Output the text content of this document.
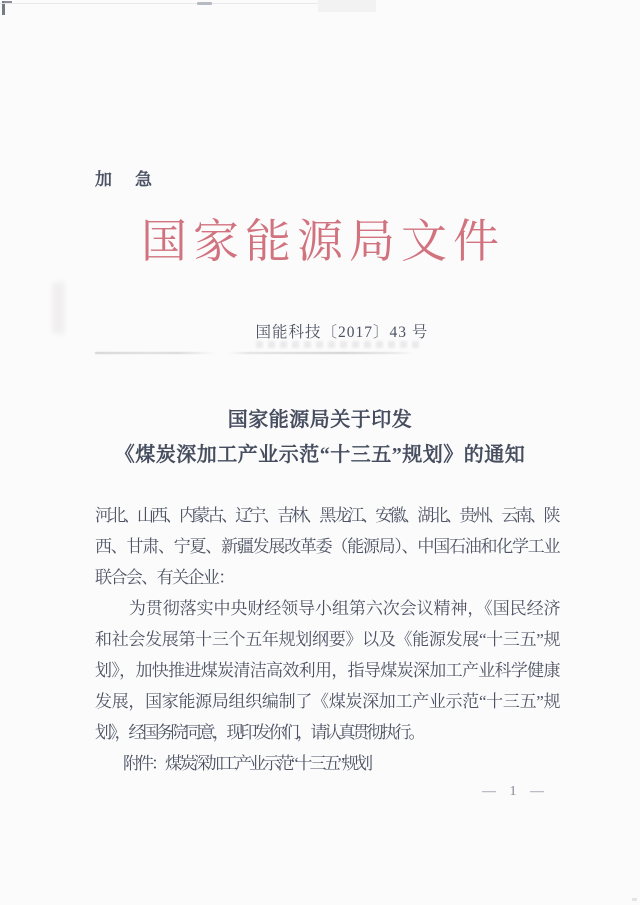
加　急
国家能源局文件
国能科技〔2017〕43 号
国家能源局关于印发
《煤炭深加工产业示范“十三五”规划》的通知
河北、山西、内蒙古、辽宁、吉林、黑龙江、安徽、湖北、贵州、云南、陕
西、甘肃、宁夏、新疆发展改革委（能源局）、中国石油和化学工业
联合会、有关企业：
　　为贯彻落实中央财经领导小组第六次会议精神，《国民经济
和社会发展第十三个五年规划纲要》以及《能源发展“十三五”规
划》，加快推进煤炭清洁高效利用，指导煤炭深加工产业科学健康
发展，国家能源局组织编制了《煤炭深加工产业示范“十三五”规
划》，经国务院同意，现印发你们，请认真贯彻执行。
　　附件：煤炭深加工产业示范“十三五”规划
— 1 —
